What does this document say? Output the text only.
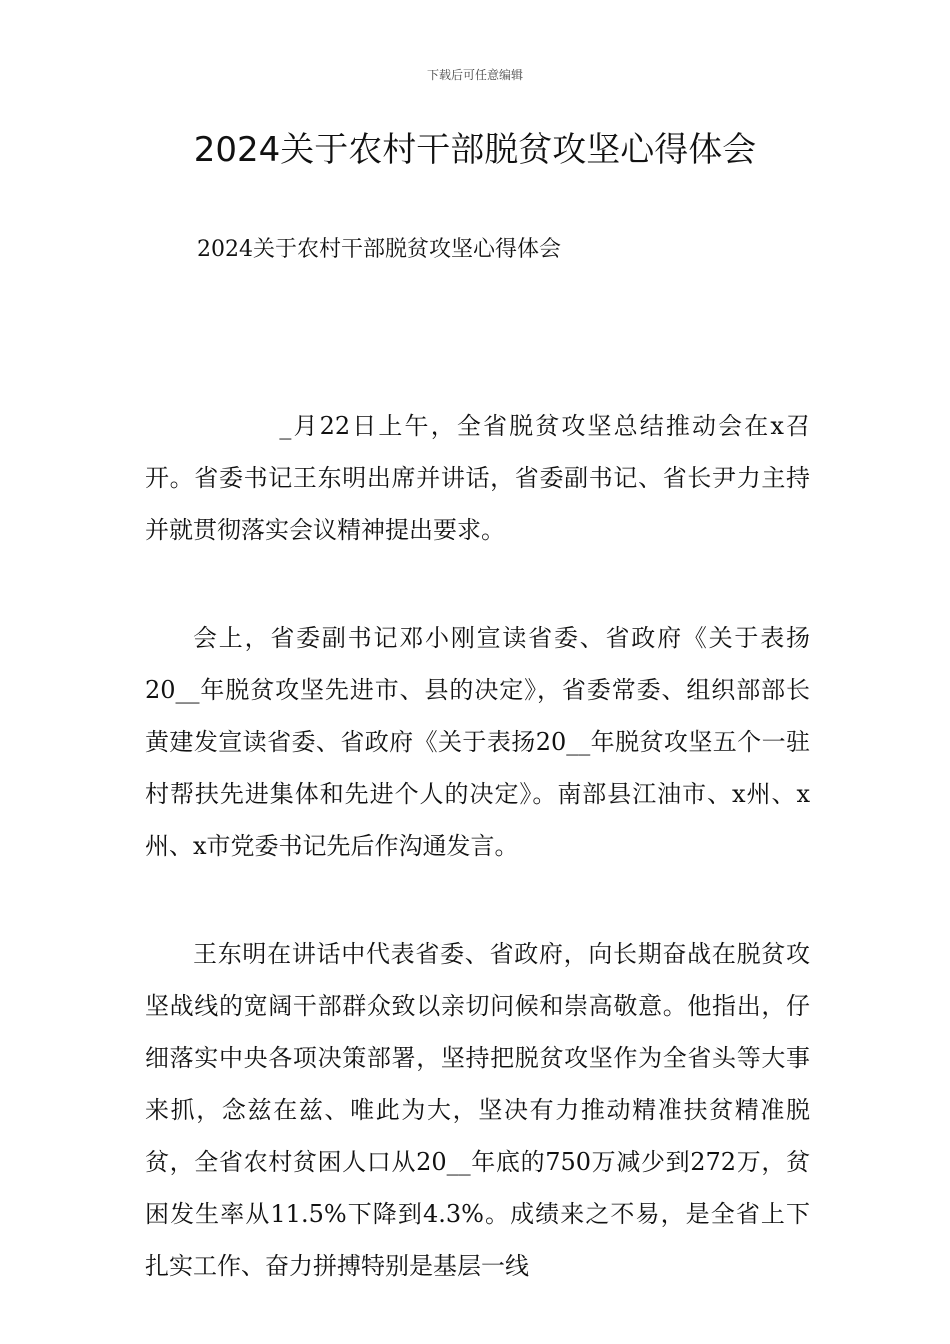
下载后可任意编辑
2024关于农村干部脱贫攻坚心得体会

2024关于农村干部脱贫攻坚心得体会

_月22日上午，全省脱贫攻坚总结推动会在x召开。省委书记王东明出席并讲话，省委副书记、省长尹力主持并就贯彻落实会议精神提出要求。

会上，省委副书记邓小刚宣读省委、省政府《关于表扬20__年脱贫攻坚先进市、县的决定》，省委常委、组织部部长黄建发宣读省委、省政府《关于表扬20__年脱贫攻坚五个一驻村帮扶先进集体和先进个人的决定》。南部县江油市、x州、x州、x市党委书记先后作沟通发言。

王东明在讲话中代表省委、省政府，向长期奋战在脱贫攻坚战线的宽阔干部群众致以亲切问候和崇高敬意。他指出，仔细落实中央各项决策部署，坚持把脱贫攻坚作为全省头等大事来抓，念兹在兹、唯此为大，坚决有力推动精准扶贫精准脱贫，全省农村贫困人口从20__年底的750万减少到272万，贫困发生率从11.5%下降到4.3%。成绩来之不易，是全省上下扎实工作、奋力拼搏特别是基层一线
